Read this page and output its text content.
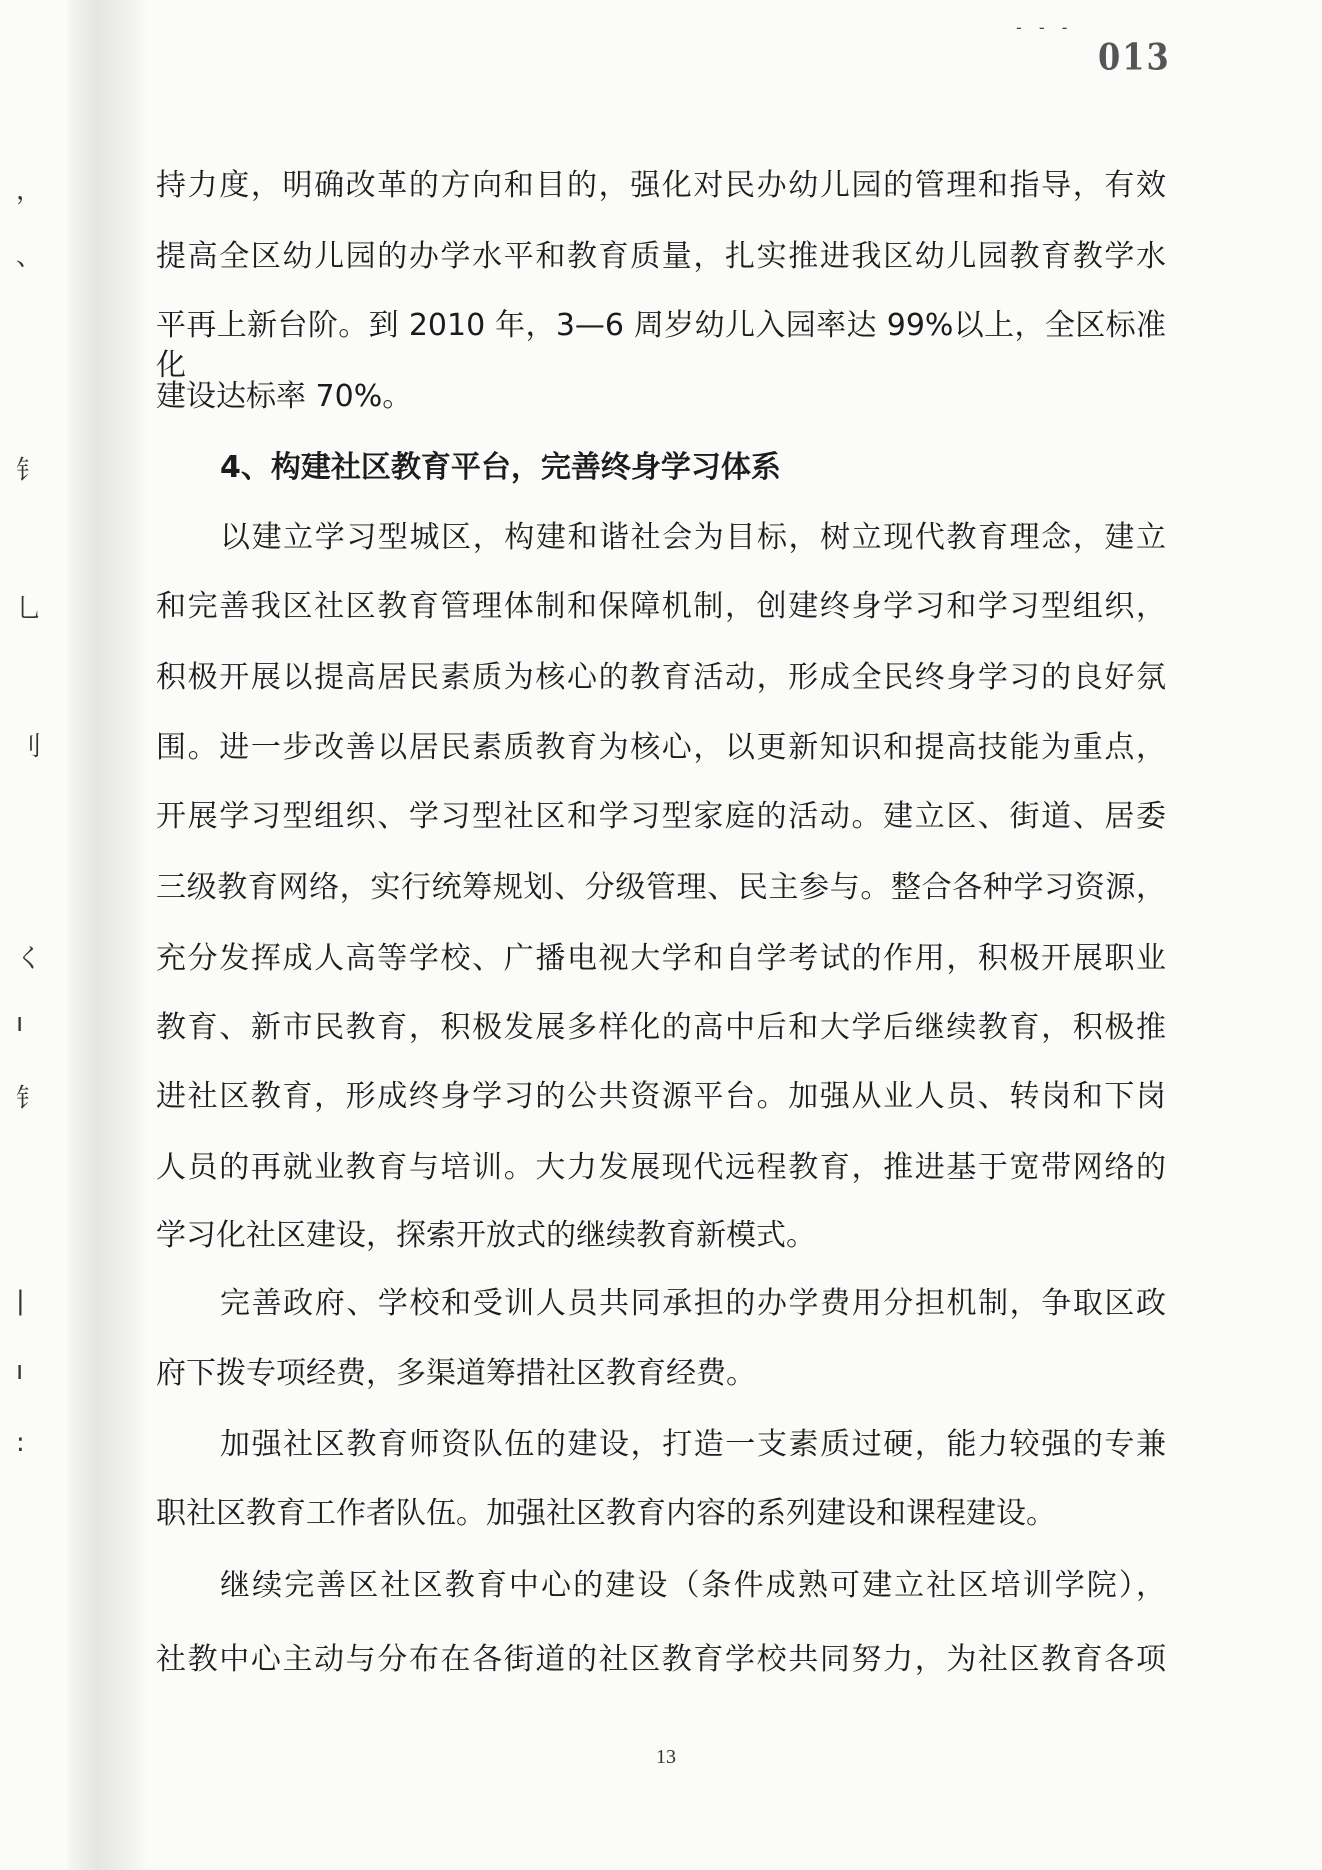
，
、
钅
乚
刂
く
ı
钅
|
ı
:
- - -
013
持力度，明确改革的方向和目的，强化对民办幼儿园的管理和指导，有效
提高全区幼儿园的办学水平和教育质量，扎实推进我区幼儿园教育教学水
平再上新台阶。到 2010 年，3—6 周岁幼儿入园率达 99%以上，全区标准化
建设达标率 70%。
4、构建社区教育平台，完善终身学习体系
以建立学习型城区，构建和谐社会为目标，树立现代教育理念，建立
和完善我区社区教育管理体制和保障机制，创建终身学习和学习型组织，
积极开展以提高居民素质为核心的教育活动，形成全民终身学习的良好氛
围。进一步改善以居民素质教育为核心，以更新知识和提高技能为重点，
开展学习型组织、学习型社区和学习型家庭的活动。建立区、街道、居委
三级教育网络，实行统筹规划、分级管理、民主参与。整合各种学习资源，
充分发挥成人高等学校、广播电视大学和自学考试的作用，积极开展职业
教育、新市民教育，积极发展多样化的高中后和大学后继续教育，积极推
进社区教育，形成终身学习的公共资源平台。加强从业人员、转岗和下岗
人员的再就业教育与培训。大力发展现代远程教育，推进基于宽带网络的
学习化社区建设，探索开放式的继续教育新模式。
完善政府、学校和受训人员共同承担的办学费用分担机制，争取区政
府下拨专项经费，多渠道筹措社区教育经费。
加强社区教育师资队伍的建设，打造一支素质过硬，能力较强的专兼
职社区教育工作者队伍。加强社区教育内容的系列建设和课程建设。
继续完善区社区教育中心的建设（条件成熟可建立社区培训学院），
社教中心主动与分布在各街道的社区教育学校共同努力，为社区教育各项
13
